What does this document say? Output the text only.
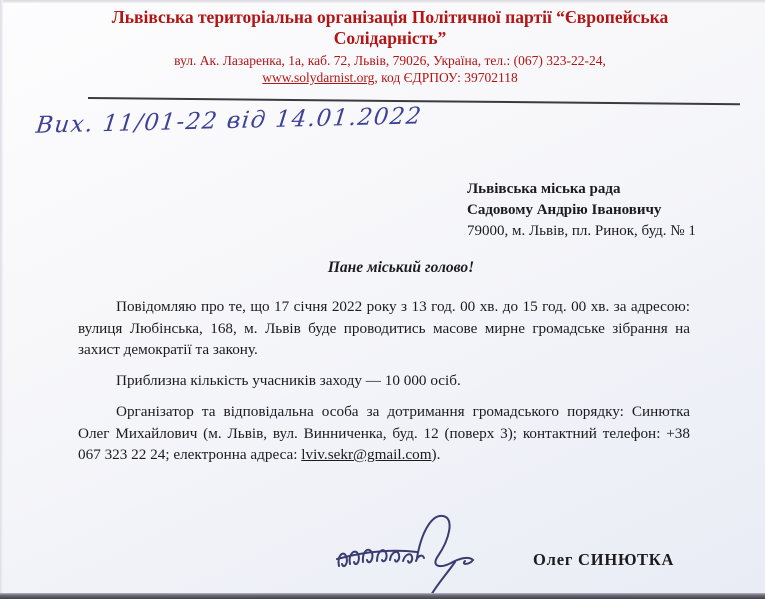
Львівська територіальна організація Політичної партії “Європейська
Солідарність”
вул. Ак. Лазаренка, 1а, каб. 72, Львів, 79026, Україна, тел.: (067) 323-22-24,
www.solydarnist.org, код ЄДРПОУ: 39702118
Вих. 11/01-22 від 14.01.2022
Львівська міська рада
Садовому Андрію Івановичу
79000, м. Львів, пл. Ринок, буд. № 1
Пане міський голово!

Повідомляю про те, що 17 січня 2022 року з 13 год. 00 хв. до 15 год. 00 хв. за адресою: вулиця Любінська, 168, м. Львів буде проводитись масове мирне громадське зібрання на захист демократії та закону.

Приблизна кількість учасників заходу — 10 000 осіб.

Організатор та відповідальна особа за дотримання громадського порядку: Синютка Олег Михайлович (м. Львів, вул. Винниченка, буд. 12 (поверх 3); контактний телефон: +38 067 323 22 24; електронна адреса: lviv.sekr@gmail.com).

Олег СИНЮТКА
